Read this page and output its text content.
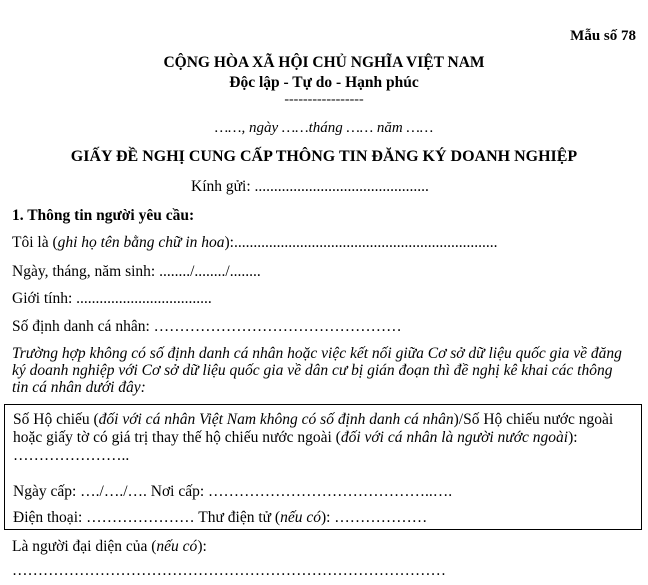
Mẫu số 78
CỘNG HÒA XÃ HỘI CHỦ NGHĨA VIỆT NAM
Độc lập - Tự do - Hạnh phúc
-----------------
……, ngày ……tháng …… năm ……
GIẤY ĐỀ NGHỊ CUNG CẤP THÔNG TIN ĐĂNG KÝ DOANH NGHIỆP
Kính gửi: .............................................
1. Thông tin người yêu cầu:
Tôi là (ghi họ tên bằng chữ in hoa):....................................................................
Ngày, tháng, năm sinh: ......../......../........
Giới tính: ...................................
Số định danh cá nhân: …………………………………………
Trường hợp không có số định danh cá nhân hoặc việc kết nối giữa Cơ sở dữ liệu quốc gia về đăng ký doanh nghiệp với Cơ sở dữ liệu quốc gia về dân cư bị gián đoạn thì đề nghị kê khai các thông tin cá nhân dưới đây:
Số Hộ chiếu (đối với cá nhân Việt Nam không có số định danh cá nhân)/Số Hộ chiếu nước ngoài hoặc giấy tờ có giá trị thay thế hộ chiếu nước ngoài (đối với cá nhân là người nước ngoài): …………………..
Ngày cấp: …./…./…. Nơi cấp: ……………………………………..….
Điện thoại: ………………… Thư điện tử (nếu có): ………………
Là người đại diện của (nếu có):
…………………………………………………………………………
